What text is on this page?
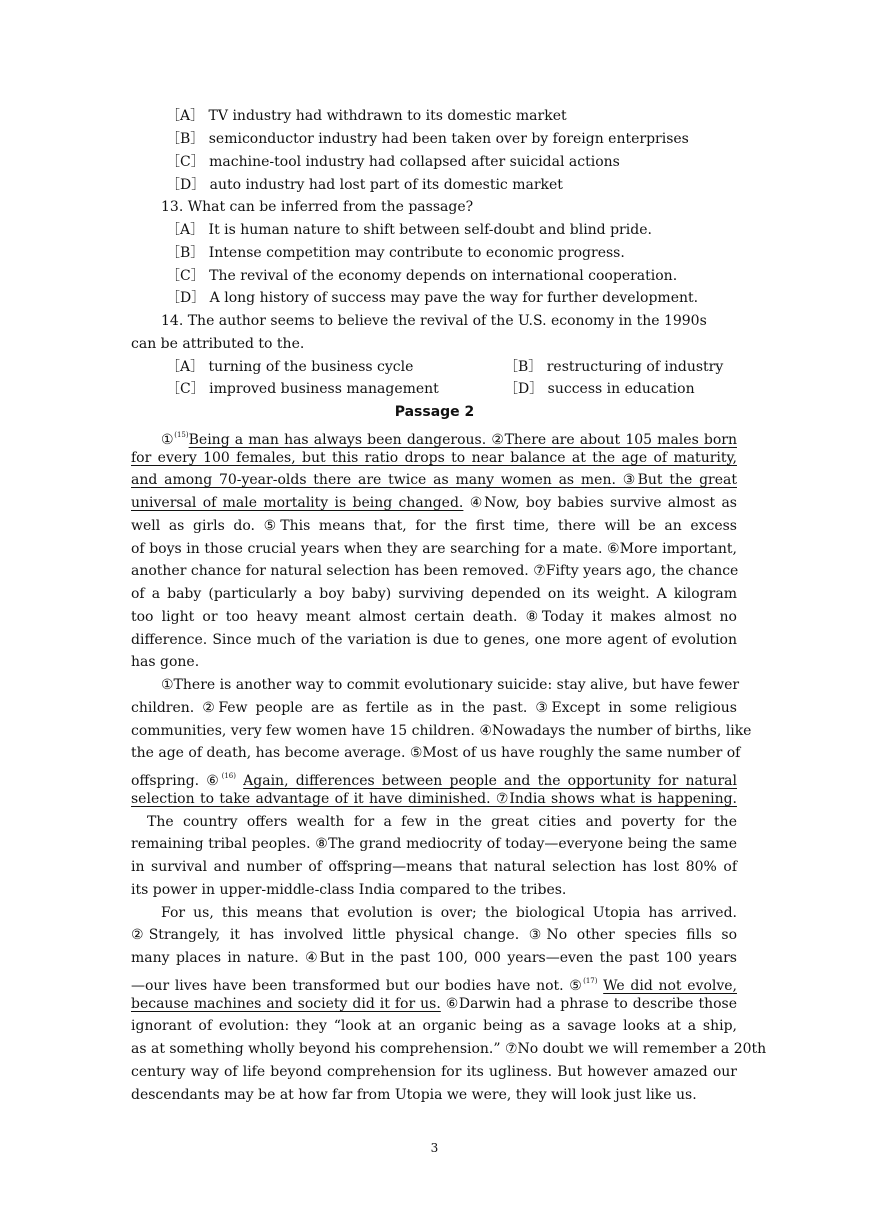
［A］ TV industry had withdrawn to its domestic market
［B］ semiconductor industry had been taken over by foreign enterprises
［C］ machine-tool industry had collapsed after suicidal actions
［D］ auto industry had lost part of its domestic market
13. What can be inferred from the passage?
［A］ It is human nature to shift between self-doubt and blind pride.
［B］ Intense competition may contribute to economic progress.
［C］ The revival of the economy depends on international cooperation.
［D］ A long history of success may pave the way for further development.
14. The author seems to believe the revival of the U.S. economy in the 1990s
can be attributed to the.
［A］ turning of the business cycle	［B］ restructuring of industry
［C］ improved business management	［D］ success in education
Passage 2
①$^{(15)}$Being a man has always been dangerous. ②There are about 105 males born
for every 100 females, but this ratio drops to near balance at the age of maturity,
and among 70-year-olds there are twice as many women as men. ③But the great
universal of male mortality is being changed. ④Now, boy babies survive almost as
well as girls do. ⑤This means that, for the first time, there will be an excess
of boys in those crucial years when they are searching for a mate. ⑥More important,
another chance for natural selection has been removed. ⑦Fifty years ago, the chance
of a baby (particularly a boy baby) surviving depended on its weight. A kilogram
too light or too heavy meant almost certain death. ⑧Today it makes almost no
difference. Since much of the variation is due to genes, one more agent of evolution
has gone.
①There is another way to commit evolutionary suicide: stay alive, but have fewer
children. ②Few people are as fertile as in the past. ③Except in some religious
communities, very few women have 15 children. ④Nowadays the number of births, like
the age of death, has become average. ⑤Most of us have roughly the same number of
offspring. ⑥$^{(16)}$ Again, differences between people and the opportunity for natural
selection to take advantage of it have diminished. ⑦India shows what is happening.
The country offers wealth for a few in the great cities and poverty for the
remaining tribal peoples. ⑧The grand mediocrity of today—everyone being the same
in survival and number of offspring—means that natural selection has lost 80% of
its power in upper-middle-class India compared to the tribes.
For us, this means that evolution is over; the biological Utopia has arrived.
②Strangely, it has involved little physical change. ③No other species fills so
many places in nature. ④But in the past 100, 000 years—even the past 100 years
—our lives have been transformed but our bodies have not. ⑤$^{(17)}$ We did not evolve,
because machines and society did it for us. ⑥Darwin had a phrase to describe those
ignorant of evolution: they “look at an organic being as a savage looks at a ship,
as at something wholly beyond his comprehension.” ⑦No doubt we will remember a 20th
century way of life beyond comprehension for its ugliness. But however amazed our
descendants may be at how far from Utopia we were, they will look just like us.
3
